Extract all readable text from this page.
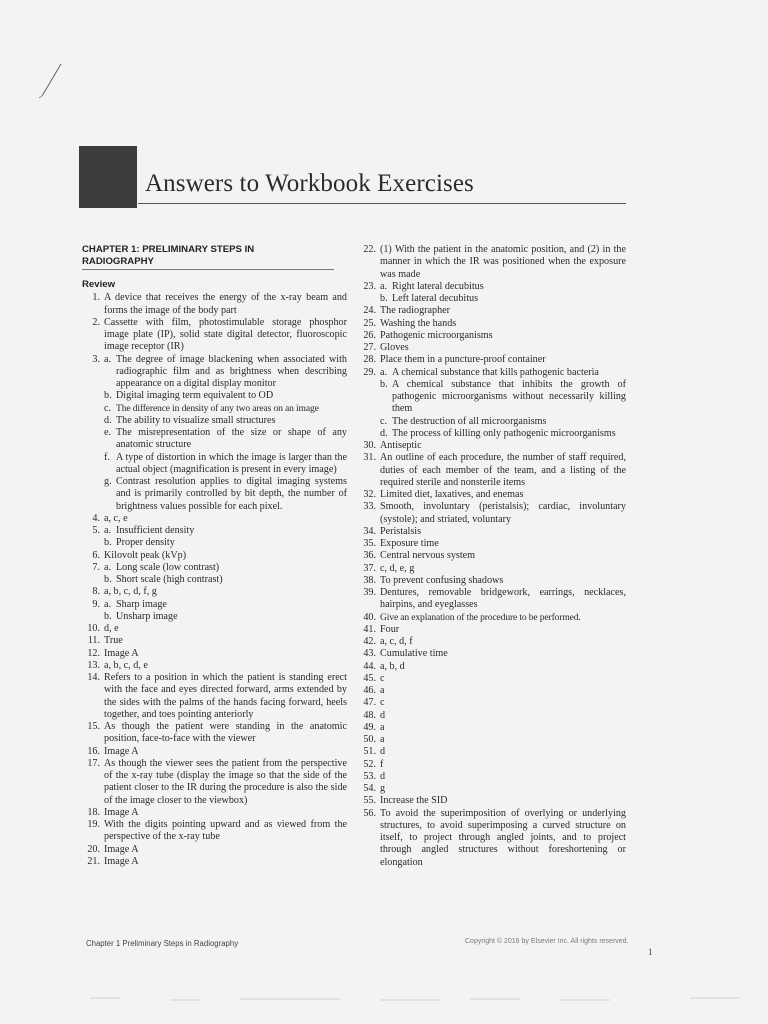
Answers to Workbook Exercises
CHAPTER 1: PRELIMINARY STEPS IN
RADIOGRAPHY
Review
1. A device that receives the energy of the x-ray beam and forms the image of the body part
2. Cassette with film, photostimulable storage phosphor image plate (IP), solid state digital detector, fluoroscopic image receptor (IR)
3. a. The degree of image blackening when associated with radiographic film and as brightness when describing appearance on a digital display monitor
b. Digital imaging term equivalent to OD
c. The difference in density of any two areas on an image
d. The ability to visualize small structures
e. The misrepresentation of the size or shape of any anatomic structure
f. A type of distortion in which the image is larger than the actual object (magnification is present in every image)
g. Contrast resolution applies to digital imaging systems and is primarily controlled by bit depth, the number of brightness values possible for each pixel.
4. a, c, e
5. a. Insufficient density
b. Proper density
6. Kilovolt peak (kVp)
7. a. Long scale (low contrast)
b. Short scale (high contrast)
8. a, b, c, d, f, g
9. a. Sharp image
b. Unsharp image
10. d, e
11. True
12. Image A
13. a, b, c, d, e
14. Refers to a position in which the patient is standing erect with the face and eyes directed forward, arms extended by the sides with the palms of the hands facing forward, heels together, and toes pointing anteriorly
15. As though the patient were standing in the anatomic position, face-to-face with the viewer
16. Image A
17. As though the viewer sees the patient from the perspective of the x-ray tube (display the image so that the side of the patient closer to the IR during the procedure is also the side of the image closer to the viewbox)
18. Image A
19. With the digits pointing upward and as viewed from the perspective of the x-ray tube
20. Image A
21. Image A
22. (1) With the patient in the anatomic position, and (2) in the manner in which the IR was positioned when the exposure was made
23. a. Right lateral decubitus
b. Left lateral decubitus
24. The radiographer
25. Washing the hands
26. Pathogenic microorganisms
27. Gloves
28. Place them in a puncture-proof container
29. a. A chemical substance that kills pathogenic bacteria
b. A chemical substance that inhibits the growth of pathogenic microorganisms without necessarily killing them
c. The destruction of all microorganisms
d. The process of killing only pathogenic microorganisms
30. Antiseptic
31. An outline of each procedure, the number of staff required, duties of each member of the team, and a listing of the required sterile and nonsterile items
32. Limited diet, laxatives, and enemas
33. Smooth, involuntary (peristalsis); cardiac, involuntary (systole); and striated, voluntary
34. Peristalsis
35. Exposure time
36. Central nervous system
37. c, d, e, g
38. To prevent confusing shadows
39. Dentures, removable bridgework, earrings, necklaces, hairpins, and eyeglasses
40. Give an explanation of the procedure to be performed.
41. Four
42. a, c, d, f
43. Cumulative time
44. a, b, d
45. c
46. a
47. c
48. d
49. a
50. a
51. d
52. f
53. d
54. g
55. Increase the SID
56. To avoid the superimposition of overlying or underlying structures, to avoid superimposing a curved structure on itself, to project through angled joints, and to project through angled structures without foreshortening or elongation
Chapter 1 Preliminary Steps in Radiography	Copyright © 2016 by Elsevier Inc. All rights reserved.
1
